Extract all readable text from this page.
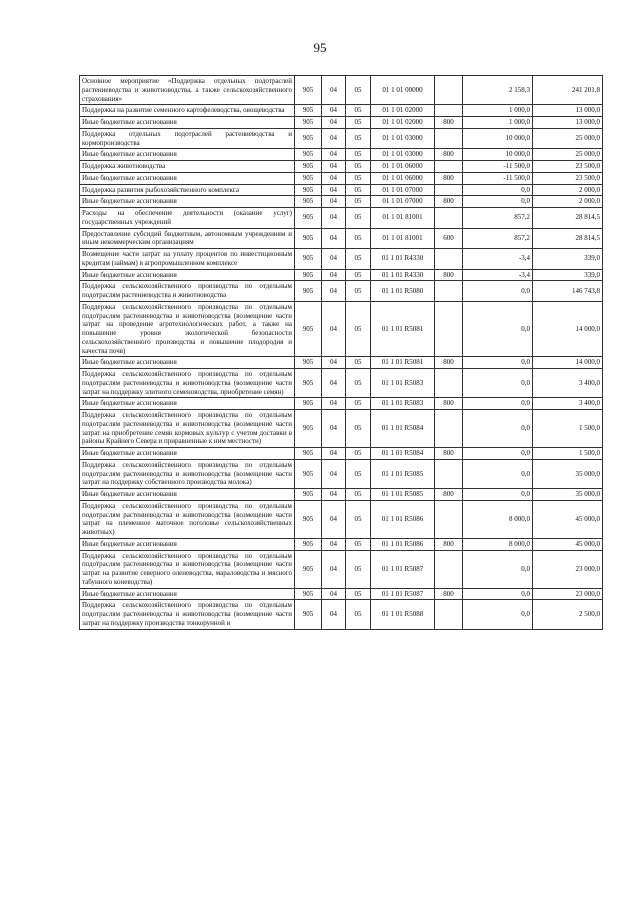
95
Основное мероприятие «Поддержка отдельных подотраслей растениеводства и животноводства, а также сельскохозяйственного страхования»	905	04	05	01 1 01 00000		2 158,3	241 201,8
Поддержка на развитие семенного картофелеводства, овощеводства	905	04	05	01 1 01 02000		1 000,0	13 000,0
Иные бюджетные ассигнования	905	04	05	01 1 01 02000	800	1 000,0	13 000,0
Поддержка отдельных подотраслей растениеводства и кормопроизводства	905	04	05	01 1 01 03000		10 000,0	25 000,0
Иные бюджетные ассигнования	905	04	05	01 1 01 03000	800	10 000,0	25 000,0
Поддержка животноводства	905	04	05	01 1 01 06000		-11 500,0	23 500,0
Иные бюджетные ассигнования	905	04	05	01 1 01 06000	800	-11 500,0	23 500,0
Поддержка развития рыбохозяйственного комплекса	905	04	05	01 1 01 07000		0,0	2 000,0
Иные бюджетные ассигнования	905	04	05	01 1 01 07000	800	0,0	2 000,0
Расходы на обеспечение деятельности (оказание услуг) государственных учреждений	905	04	05	01 1 01 81001		857,2	28 814,5
Предоставление субсидий бюджетным, автономным учреждениям и иным некоммерческим организациям	905	04	05	01 1 01 81001	600	857,2	28 814,5
Возмещение части затрат на уплату процентов по инвестиционным кредитам (займам) в агропромышленном комплексе	905	04	05	01 1 01 R4330		-3,4	339,0
Иные бюджетные ассигнования	905	04	05	01 1 01 R4330	800	-3,4	339,0
Поддержка сельскохозяйственного производства по отдельным подотраслям растениеводства и животноводства	905	04	05	01 1 01 R5080		0,0	146 743,8
Поддержка сельскохозяйственного производства по отдельным подотраслям растениеводства и животноводства (возмещение части затрат на проведение агротехнологических работ, а также на повышение уровня экологической безопасности сельскохозяйственного производства и повышение плодородия и качества почв)	905	04	05	01 1 01 R5081		0,0	14 000,0
Иные бюджетные ассигнования	905	04	05	01 1 01 R5081	800	0,0	14 000,0
Поддержка сельскохозяйственного производства по отдельным подотраслям растениеводства и животноводства (возмещение части затрат на поддержку элитного семеноводства, приобретение семян)	905	04	05	01 1 01 R5083		0,0	3 400,0
Иные бюджетные ассигнования	905	04	05	01 1 01 R5083	800	0,0	3 400,0
Поддержка сельскохозяйственного производства по отдельным подотраслям растениеводства и животноводства (возмещение части затрат на приобретение семян кормовых культур с учетом доставки в районы Крайнего Севера и приравненные к ним местности)	905	04	05	01 1 01 R5084		0,0	1 500,0
Иные бюджетные ассигнования	905	04	05	01 1 01 R5084	800	0,0	1 500,0
Поддержка сельскохозяйственного производства по отдельным подотраслям растениеводства и животноводства (возмещение части затрат на поддержку собственного производства молока)	905	04	05	01 1 01 R5085		0,0	35 000,0
Иные бюджетные ассигнования	905	04	05	01 1 01 R5085	800	0,0	35 000,0
Поддержка сельскохозяйственного производства по отдельным подотраслям растениеводства и животноводства (возмещение части затрат на племенное маточное поголовье сельскохозяйственных животных)	905	04	05	01 1 01 R5086		8 000,0	45 000,0
Иные бюджетные ассигнования	905	04	05	01 1 01 R5086	800	8 000,0	45 000,0
Поддержка сельскохозяйственного производства по отдельным подотраслям растениеводства и животноводства (возмещение части затрат на развитие северного оленеводства, мараловодства и мясного табунного коневодства)	905	04	05	01 1 01 R5087		0,0	23 000,0
Иные бюджетные ассигнования	905	04	05	01 1 01 R5087	800	0,0	23 000,0
Поддержка сельскохозяйственного производства по отдельным подотраслям растениеводства и животноводства (возмещение части затрат на поддержку производства тонкорунной и	905	04	05	01 1 01 R5088		0,0	2 500,0
